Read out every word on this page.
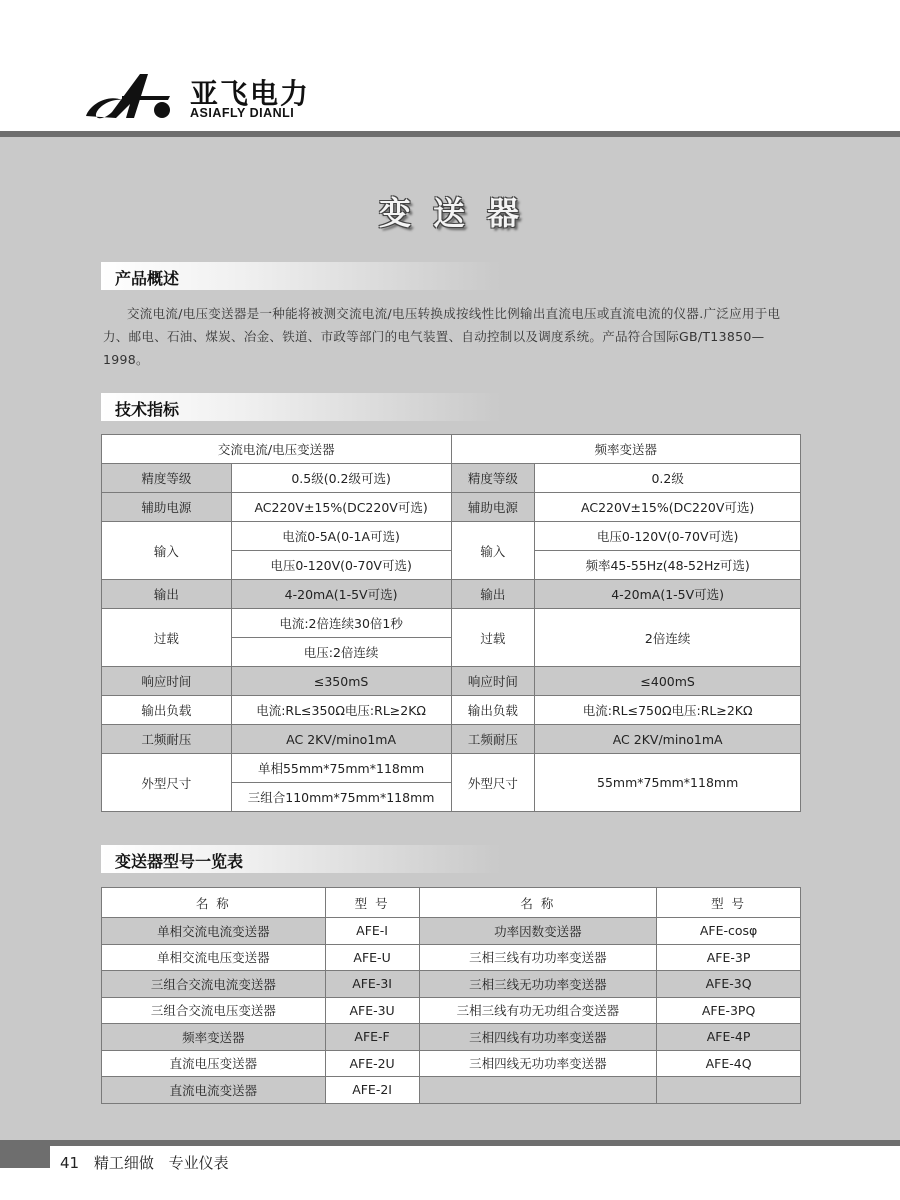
亚飞电力
ASIAFLY DIANLI
变送器
产品概述
交流电流/电压变送器是一种能将被测交流电流/电压转换成按线性比例输出直流电压或直流电流的仪器.广泛应用于电力、邮电、石油、煤炭、冶金、铁道、市政等部门的电气装置、自动控制以及调度系统。产品符合国际GB/T13850—1998。
技术指标
交流电流/电压变送器		频率变送器	
精度等级	0.5级(0.2级可选)	精度等级	0.2级
辅助电源	AC220V±15%(DC220V可选)	辅助电源	AC220V±15%(DC220V可选)
输入	电流0-5A(0-1A可选)	输入	电压0-120V(0-70V可选)
	电压0-120V(0-70V可选)		频率45-55Hz(48-52Hz可选)
输出	4-20mA(1-5V可选)	输出	4-20mA(1-5V可选)
过载	电流:2倍连续30倍1秒	过载	2倍连续
	电压:2倍连续		
响应时间	≤350mS	响应时间	≤400mS
输出负载	电流:RL≤350Ω电压:RL≥2KΩ	输出负载	电流:RL≤750Ω电压:RL≥2KΩ
工频耐压	AC 2KV/mino1mA	工频耐压	AC 2KV/mino1mA
外型尺寸	单相55mm*75mm*118mm	外型尺寸	55mm*75mm*118mm
	三组合110mm*75mm*118mm		
变送器型号一览表
名 称	型 号	名 称	型 号
单相交流电流变送器	AFE-I	功率因数变送器	AFE-cosφ
单相交流电压变送器	AFE-U	三相三线有功功率变送器	AFE-3P
三组合交流电流变送器	AFE-3I	三相三线无功功率变送器	AFE-3Q
三组合交流电压变送器	AFE-3U	三相三线有功无功组合变送器	AFE-3PQ
频率变送器	AFE-F	三相四线有功功率变送器	AFE-4P
直流电压变送器	AFE-2U	三相四线无功功率变送器	AFE-4Q
直流电流变送器	AFE-2I		
41 精工细做 专业仪表
